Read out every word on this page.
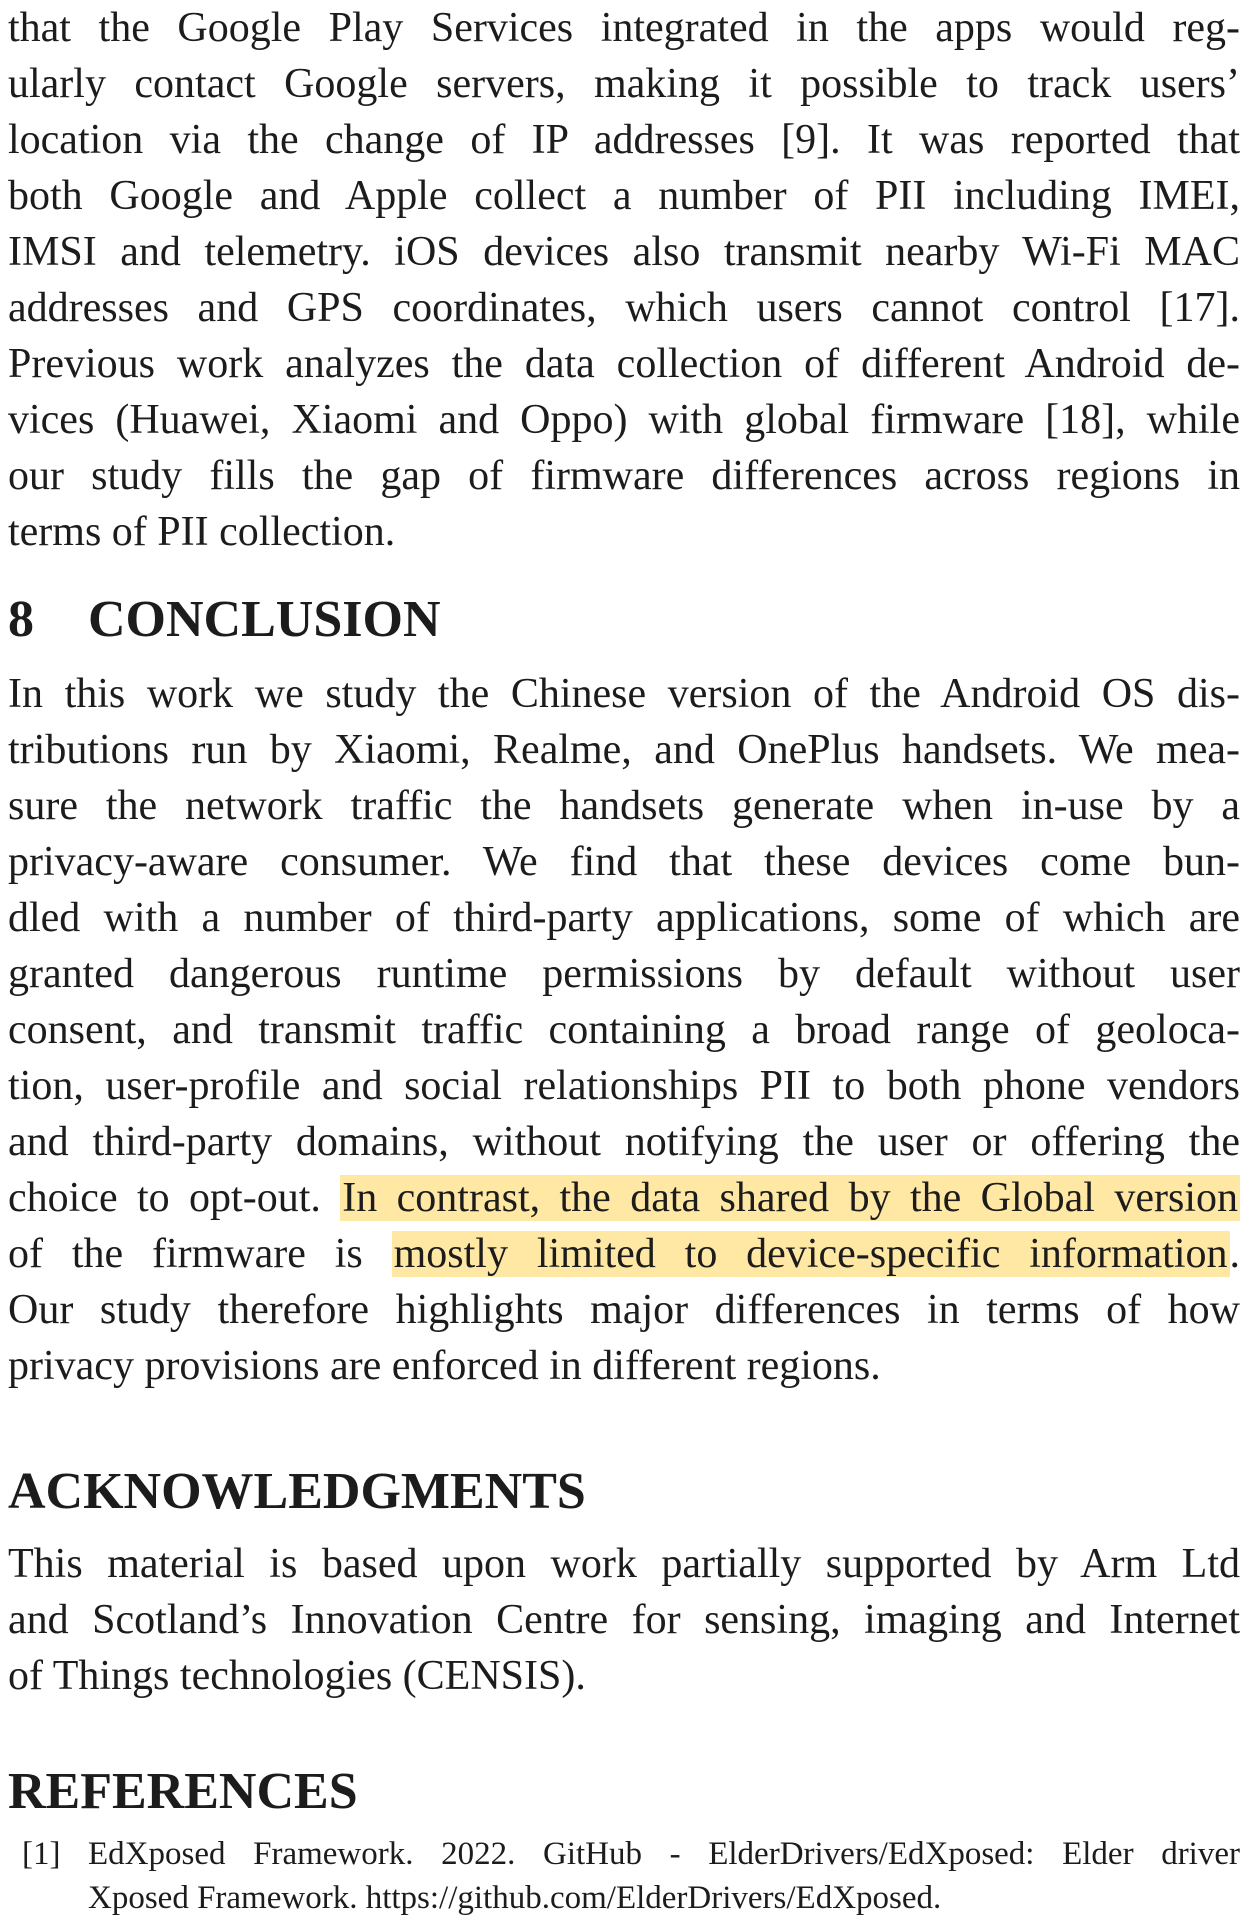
that the Google Play Services integrated in the apps would reg-
ularly contact Google servers, making it possible to track users’
location via the change of IP addresses [9]. It was reported that
both Google and Apple collect a number of PII including IMEI,
IMSI and telemetry. iOS devices also transmit nearby Wi-Fi MAC
addresses and GPS coordinates, which users cannot control [17].
Previous work analyzes the data collection of different Android de-
vices (Huawei, Xiaomi and Oppo) with global firmware [18], while
our study fills the gap of firmware differences across regions in
terms of PII collection.
8 CONCLUSION
In this work we study the Chinese version of the Android OS dis-
tributions run by Xiaomi, Realme, and OnePlus handsets. We mea-
sure the network traffic the handsets generate when in-use by a
privacy-aware consumer. We find that these devices come bun-
dled with a number of third-party applications, some of which are
granted dangerous runtime permissions by default without user
consent, and transmit traffic containing a broad range of geoloca-
tion, user-profile and social relationships PII to both phone vendors
and third-party domains, without notifying the user or offering the
choice to opt-out. In contrast, the data shared by the Global version
of the firmware is mostly limited to device-specific information.
Our study therefore highlights major differences in terms of how
privacy provisions are enforced in different regions.
ACKNOWLEDGMENTS
This material is based upon work partially supported by Arm Ltd
and Scotland’s Innovation Centre for sensing, imaging and Internet
of Things technologies (CENSIS).
REFERENCES
[1] EdXposed Framework. 2022. GitHub - ElderDrivers/EdXposed: Elder driver
Xposed Framework. https://github.com/ElderDrivers/EdXposed.
